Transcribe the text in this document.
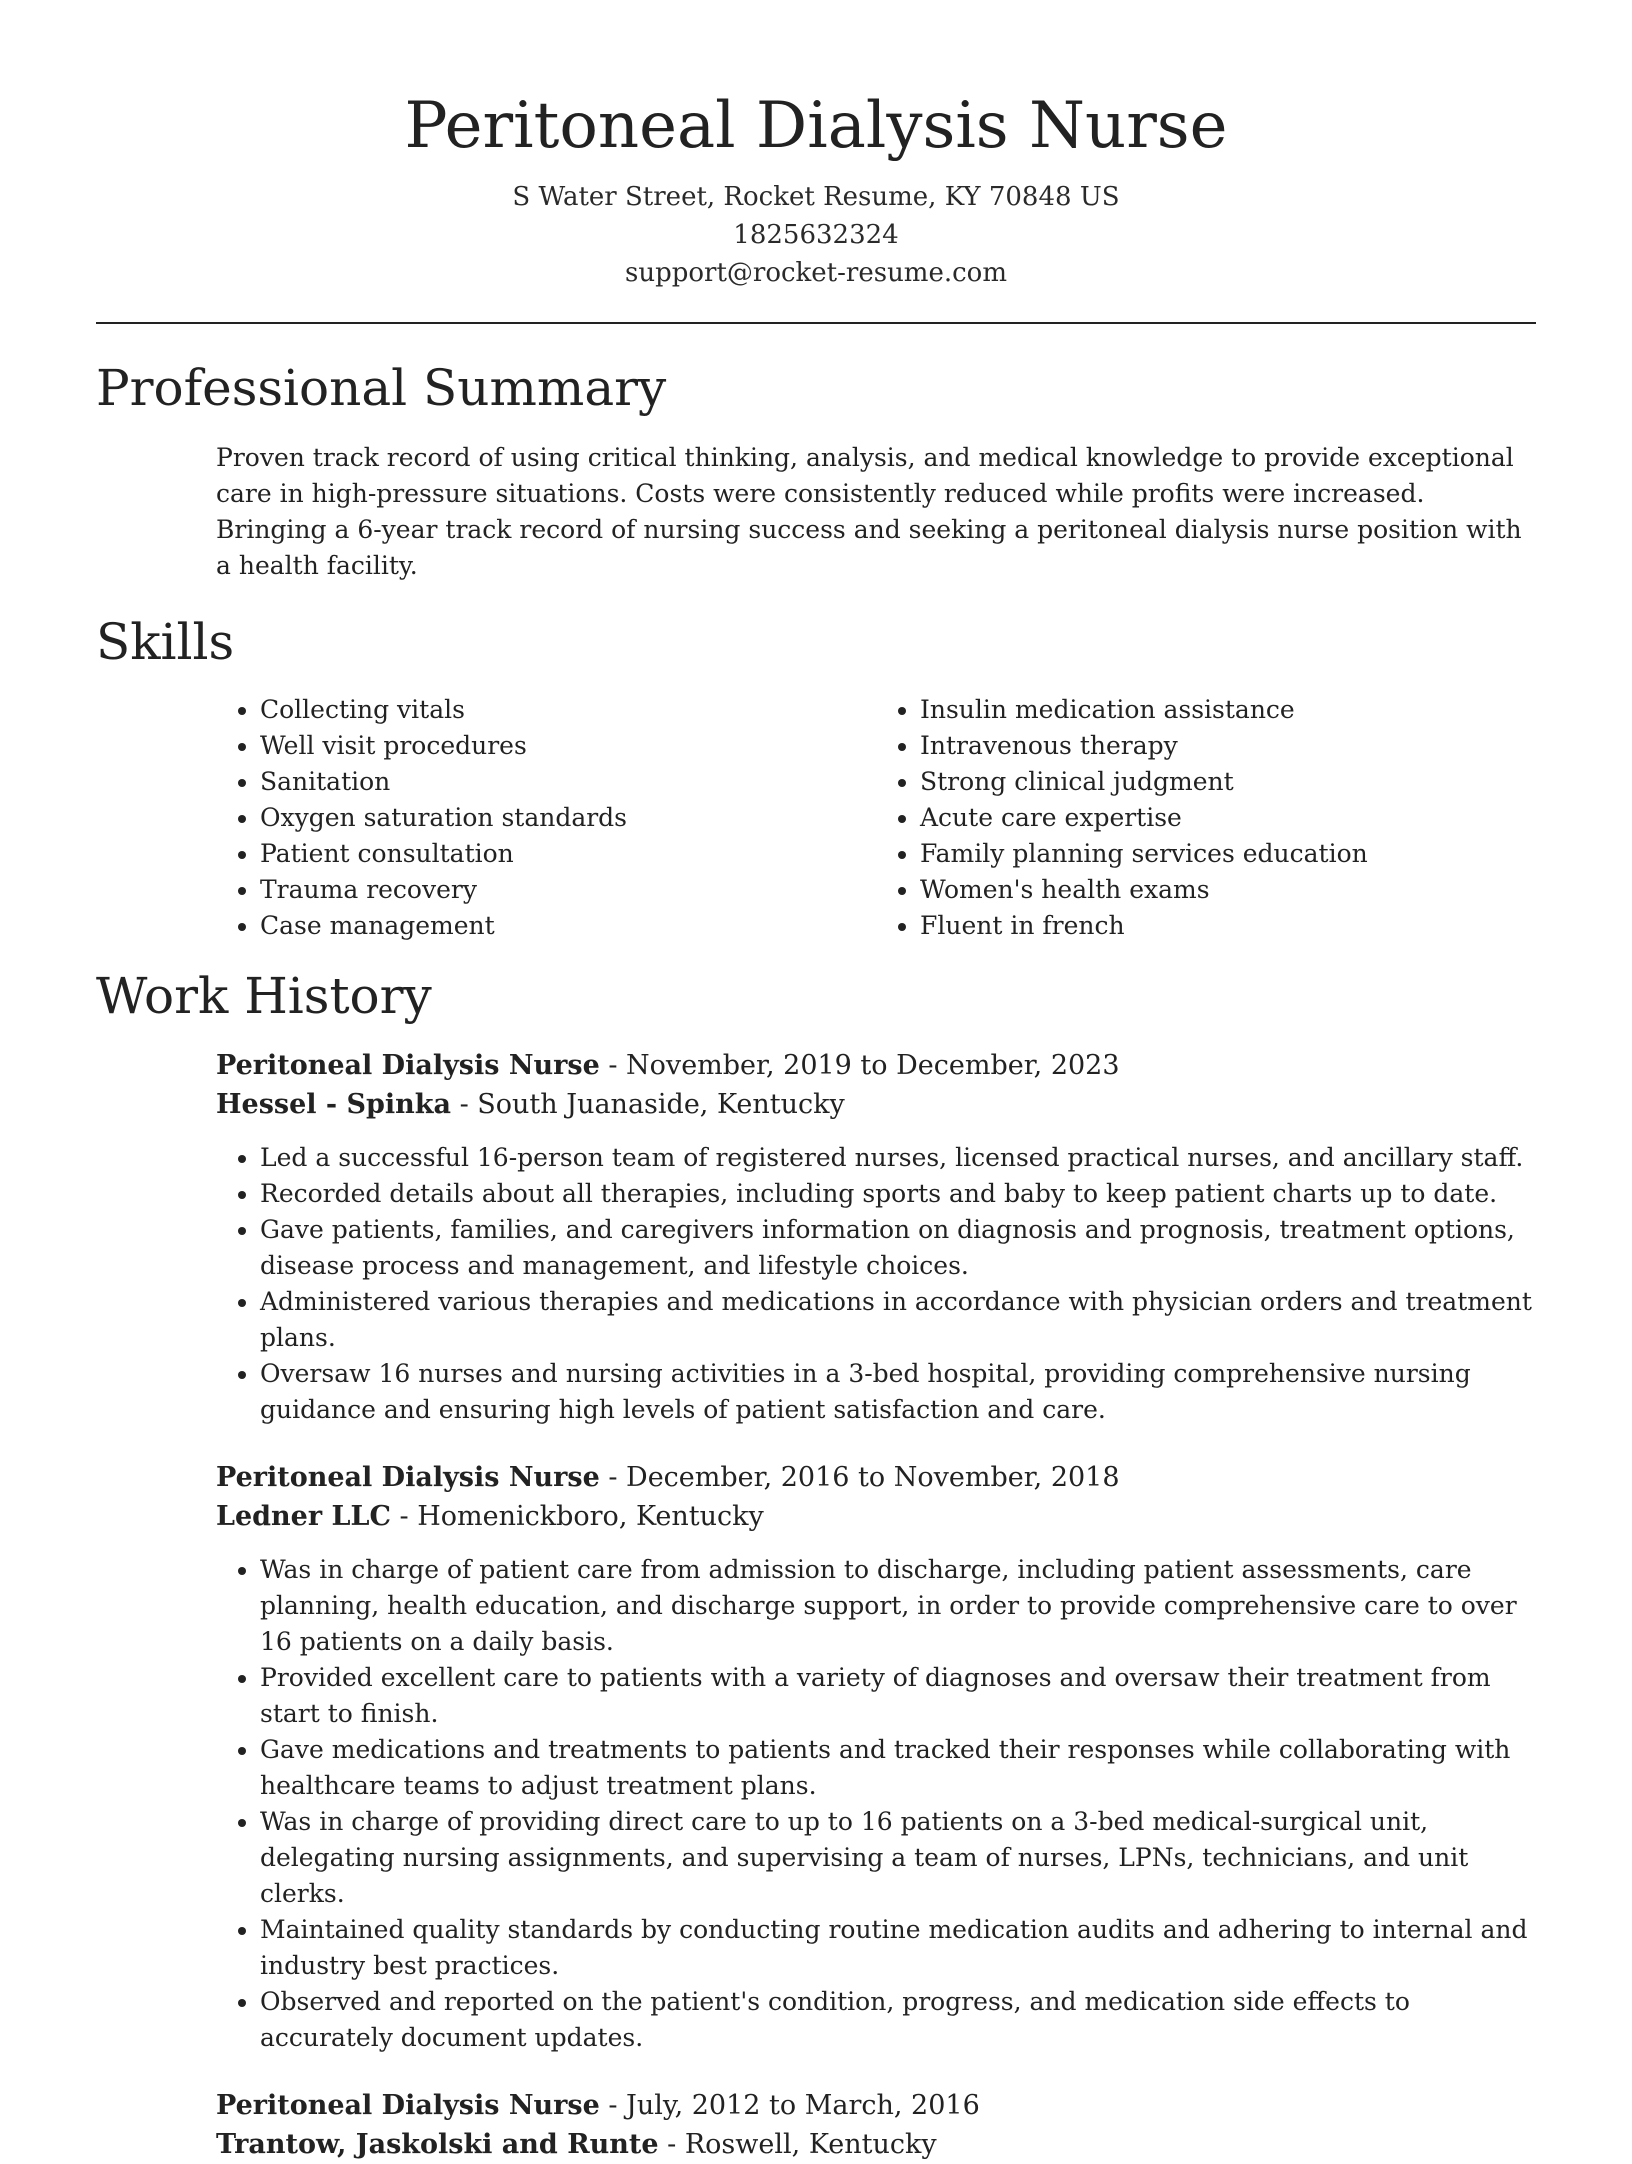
Peritoneal Dialysis Nurse

S Water Street, Rocket Resume, KY 70848 US

1825632324

support@rocket-resume.com

Professional Summary

Proven track record of using critical thinking, analysis, and medical knowledge to provide exceptional care in high-pressure situations. Costs were consistently reduced while profits were increased. Bringing a 6-year track record of nursing success and seeking a peritoneal dialysis nurse position with a health facility.

Skills
• Collecting vitals
• Well visit procedures
• Sanitation
• Oxygen saturation standards
• Patient consultation
• Trauma recovery
• Case management
• Insulin medication assistance
• Intravenous therapy
• Strong clinical judgment
• Acute care expertise
• Family planning services education
• Women's health exams
• Fluent in french
Work History

Peritoneal Dialysis Nurse - November, 2019 to December, 2023

Hessel - Spinka - South Juanaside, Kentucky

• Led a successful 16-person team of registered nurses, licensed practical nurses, and ancillary staff.
• Recorded details about all therapies, including sports and baby to keep patient charts up to date.
• Gave patients, families, and caregivers information on diagnosis and prognosis, treatment options, disease process and management, and lifestyle choices.
• Administered various therapies and medications in accordance with physician orders and treatment plans.
• Oversaw 16 nurses and nursing activities in a 3-bed hospital, providing comprehensive nursing guidance and ensuring high levels of patient satisfaction and care.

Peritoneal Dialysis Nurse - December, 2016 to November, 2018

Ledner LLC - Homenickboro, Kentucky

• Was in charge of patient care from admission to discharge, including patient assessments, care planning, health education, and discharge support, in order to provide comprehensive care to over 16 patients on a daily basis.
• Provided excellent care to patients with a variety of diagnoses and oversaw their treatment from start to finish.
• Gave medications and treatments to patients and tracked their responses while collaborating with healthcare teams to adjust treatment plans.
• Was in charge of providing direct care to up to 16 patients on a 3-bed medical-surgical unit, delegating nursing assignments, and supervising a team of nurses, LPNs, technicians, and unit clerks.
• Maintained quality standards by conducting routine medication audits and adhering to internal and industry best practices.
• Observed and reported on the patient's condition, progress, and medication side effects to accurately document updates.

Peritoneal Dialysis Nurse - July, 2012 to March, 2016

Trantow, Jaskolski and Runte - Roswell, Kentucky
